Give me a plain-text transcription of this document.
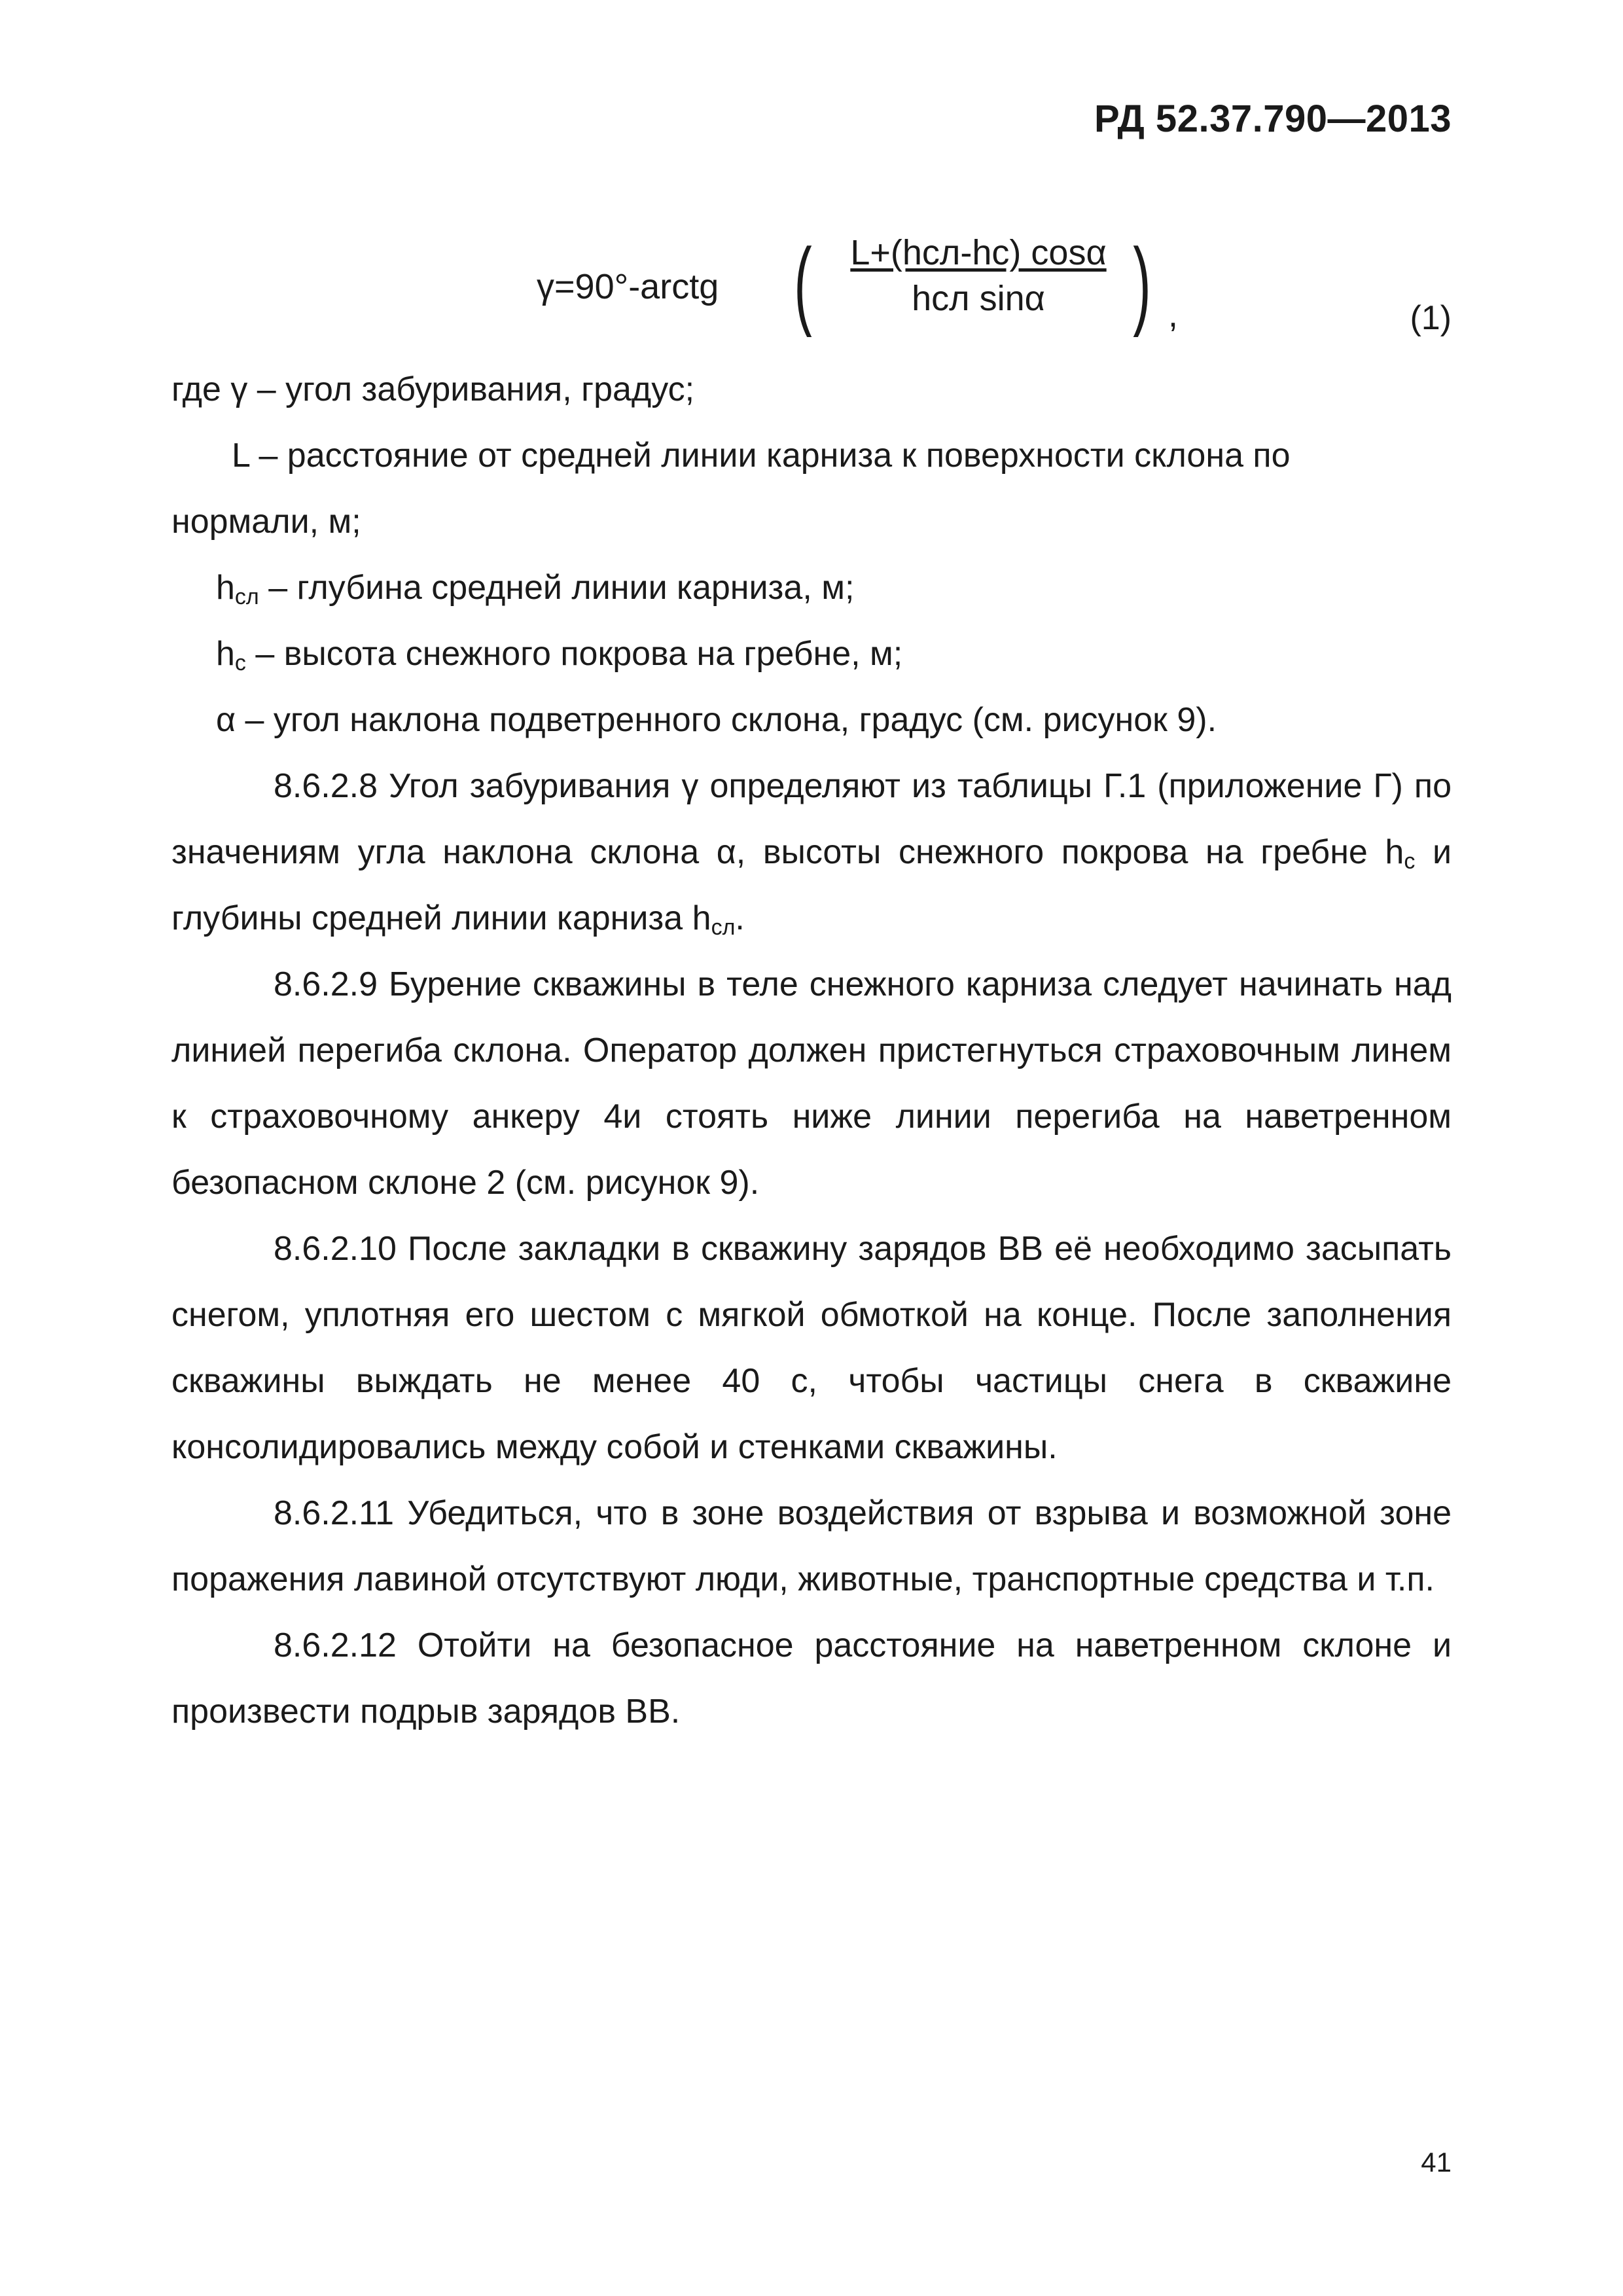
РД 52.37.790—2013
γ=90°-arctg (	L+(hсл-hс) cosα
hсл sinα ) ,	(1)

где γ – угол забуривания, градус;

L – расстояние от средней линии карниза к поверхности склона по

нормали, м;

$h_{сл}$ – глубина средней линии карниза, м;

$h_с$ – высота снежного покрова на гребне, м;

α – угол наклона подветренного склона, градус (см. рисунок 9).

8.6.2.8 Угол забуривания γ определяют из таблицы Г.1 (приложение Г) по значениям угла наклона склона α, высоты снежного покрова на гребне $h_с$ и глубины средней линии карниза $h_{сл}$.

8.6.2.9 Бурение скважины в теле снежного карниза следует начинать над линией перегиба склона. Оператор должен пристегнуться страховочным линем к страховочному анкеру 4и стоять ниже линии перегиба на наветренном безопасном склоне 2 (см. рисунок 9).

8.6.2.10 После закладки в скважину зарядов ВВ её необходимо засыпать снегом, уплотняя его шестом с мягкой обмоткой на конце. После заполнения скважины выждать не менее 40 с, чтобы частицы снега в скважине консолидировались между собой и стенками скважины.

8.6.2.11 Убедиться, что в зоне воздействия от взрыва и возможной зоне поражения лавиной отсутствуют люди, животные, транспортные средства и т.п.

8.6.2.12 Отойти на безопасное расстояние на наветренном склоне и произвести подрыв зарядов ВВ.

41
